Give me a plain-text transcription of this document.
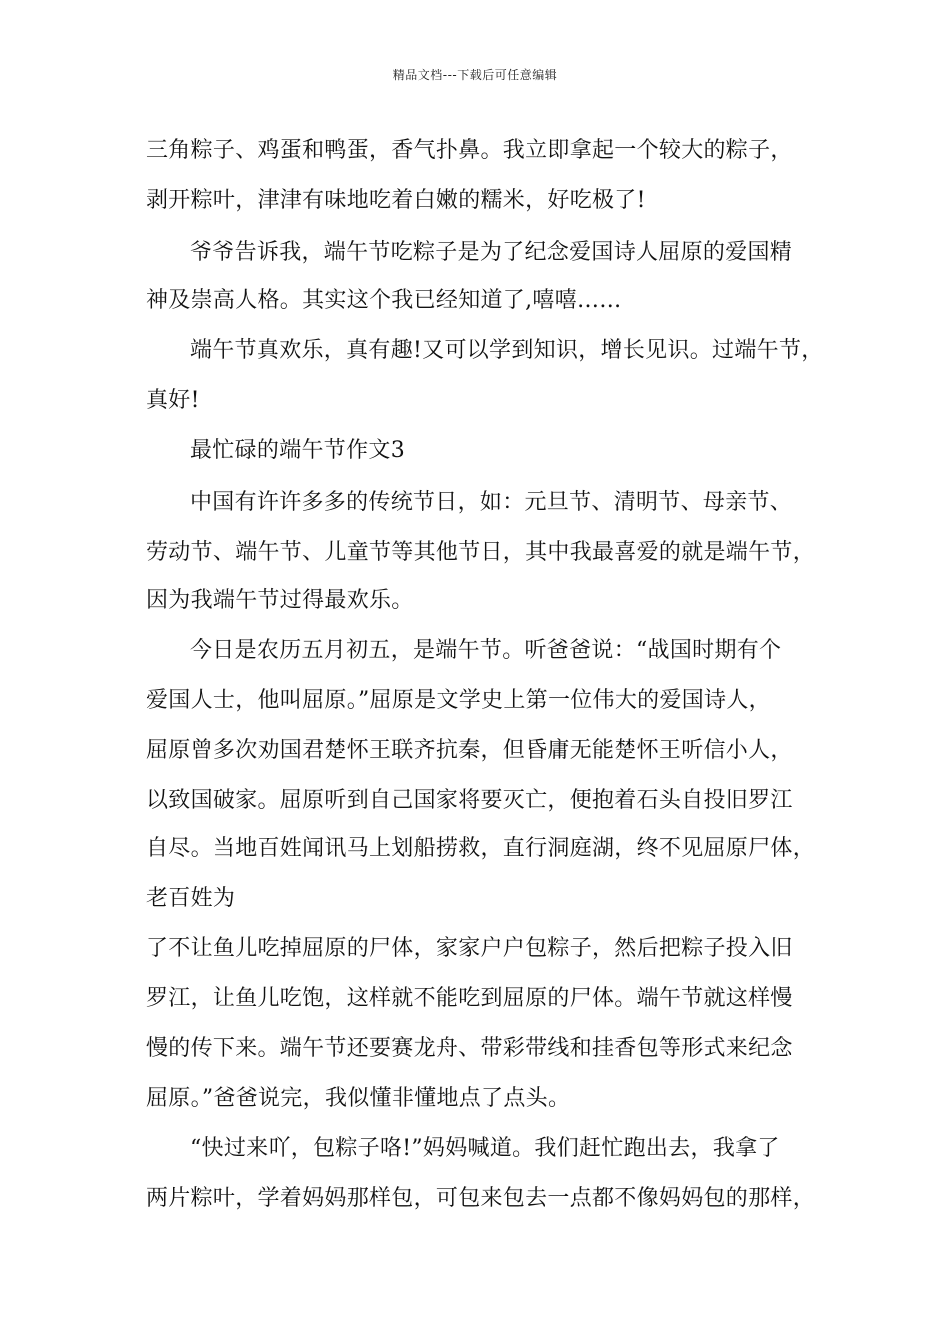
精品文档---下载后可任意编辑
三角粽子、鸡蛋和鸭蛋，香气扑鼻。我立即拿起一个较大的粽子，
剥开粽叶，津津有味地吃着白嫩的糯米，好吃极了!
爷爷告诉我，端午节吃粽子是为了纪念爱国诗人屈原的爱国精
神及崇高人格。其实这个我已经知道了,嘻嘻……
端午节真欢乐，真有趣!又可以学到知识，增长见识。过端午节，
真好!
最忙碌的端午节作文3
中国有许许多多的传统节日，如：元旦节、清明节、母亲节、
劳动节、端午节、儿童节等其他节日，其中我最喜爱的就是端午节，
因为我端午节过得最欢乐。
今日是农历五月初五，是端午节。听爸爸说：“战国时期有个
爱国人士，他叫屈原。”屈原是文学史上第一位伟大的爱国诗人，
屈原曾多次劝国君楚怀王联齐抗秦，但昏庸无能楚怀王听信小人，
以致国破家。屈原听到自己国家将要灭亡，便抱着石头自投旧罗江
自尽。当地百姓闻讯马上划船捞救，直行洞庭湖，终不见屈原尸体，
老百姓为
了不让鱼儿吃掉屈原的尸体，家家户户包粽子，然后把粽子投入旧
罗江，让鱼儿吃饱，这样就不能吃到屈原的尸体。端午节就这样慢
慢的传下来。端午节还要赛龙舟、带彩带线和挂香包等形式来纪念
屈原。”爸爸说完，我似懂非懂地点了点头。
“快过来吖，包粽子咯!”妈妈喊道。我们赶忙跑出去，我拿了
两片粽叶，学着妈妈那样包，可包来包去一点都不像妈妈包的那样，
